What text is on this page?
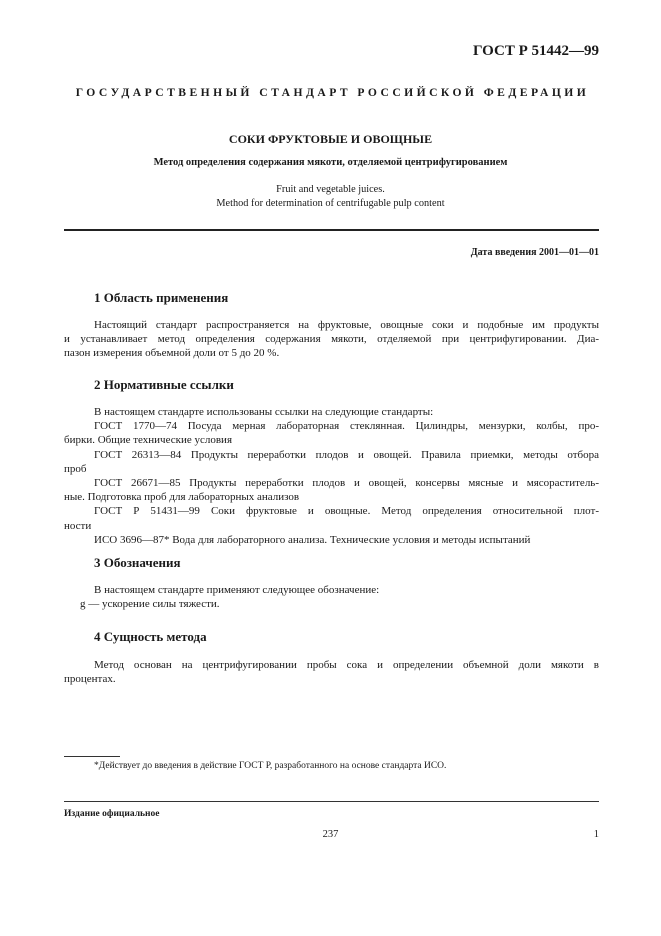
ГОСТ Р 51442—99
ГОСУДАРСТВЕННЫЙ СТАНДАРТ РОССИЙСКОЙ ФЕДЕРАЦИИ
СОКИ ФРУКТОВЫЕ И ОВОЩНЫЕ
Метод определения содержания мякоти, отделяемой центрифугированием
Fruit and vegetable juices.
Method for determination of centrifugable pulp content
Дата введения 2001—01—01
1 Область применения
Настоящий стандарт распространяется на фруктовые, овощные соки и подобные им продукты
и устанавливает метод определения содержания мякоти, отделяемой при центрифугировании. Диа-
пазон измерения объемной доли от 5 до 20 %.
2 Нормативные ссылки
В настоящем стандарте использованы ссылки на следующие стандарты:
ГОСТ 1770—74 Посуда мерная лабораторная стеклянная. Цилиндры, мензурки, колбы, про-
бирки. Общие технические условия
ГОСТ 26313—84 Продукты переработки плодов и овощей. Правила приемки, методы отбора
проб
ГОСТ 26671—85 Продукты переработки плодов и овощей, консервы мясные и мясораститель-
ные. Подготовка проб для лабораторных анализов
ГОСТ Р 51431—99 Соки фруктовые и овощные. Метод определения относительной плот-
ности
ИСО 3696—87* Вода для лабораторного анализа. Технические условия и методы испытаний
3 Обозначения
В настоящем стандарте применяют следующее обозначение:
g — ускорение силы тяжести.
4 Сущность метода
Метод основан на центрифугировании пробы сока и определении объемной доли мякоти в
процентах.
*Действует до введения в действие ГОСТ Р, разработанного на основе стандарта ИСО.
Издание официальное
237	1
